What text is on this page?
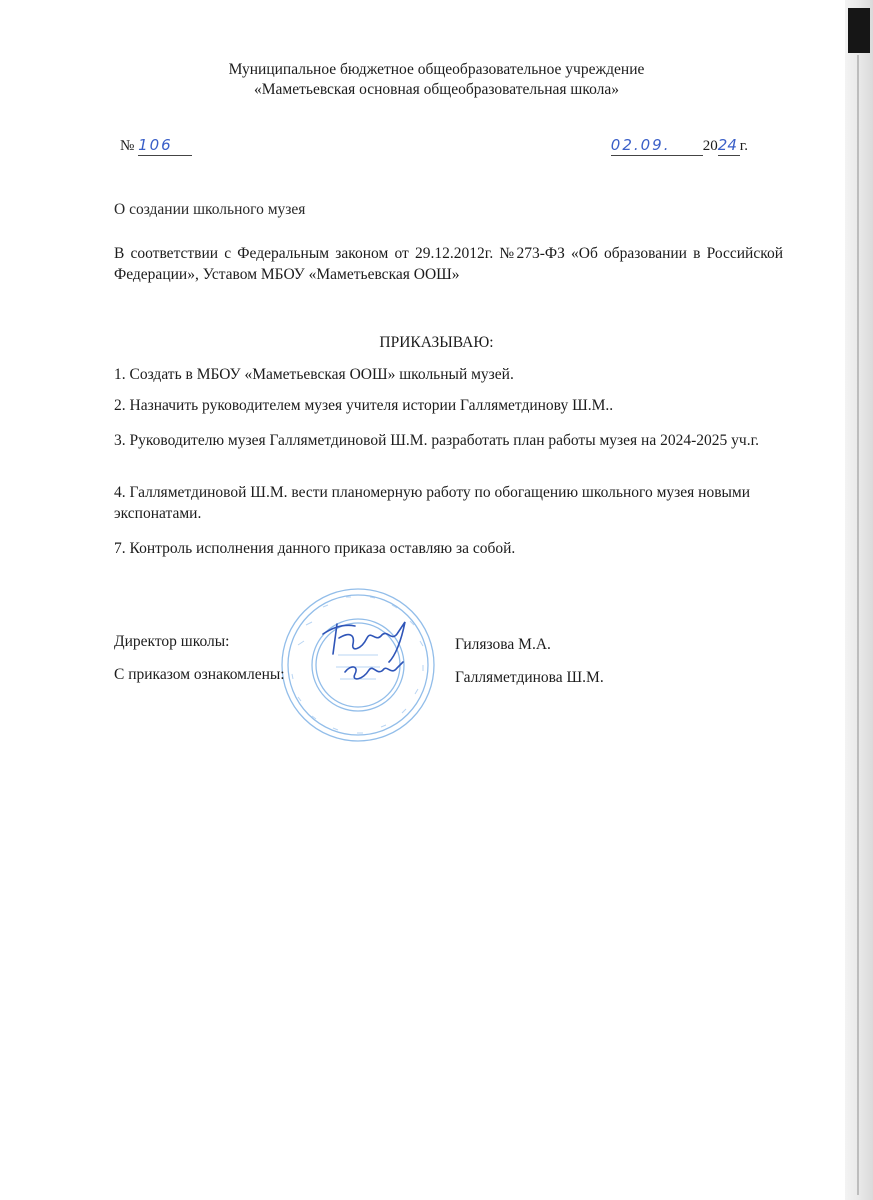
Муниципальное бюджетное общеобразовательное учреждение
«Маметьевская основная общеобразовательная школа»
№ 106	02.09. 2024 г.
О создании школьного музея
В соответствии с Федеральным законом от 29.12.2012г. №273-ФЗ «Об образовании в Российской Федерации», Уставом МБОУ «Маметьевская ООШ»
ПРИКАЗЫВАЮ:
1. Создать в МБОУ «Маметьевская ООШ» школьный музей.
2. Назначить руководителем музея учителя истории Галляметдинову Ш.М..
3. Руководителю музея Галляметдиновой Ш.М. разработать план работы музея на 2024-2025 уч.г.
4. Галляметдиновой Ш.М. вести планомерную работу по обогащению школьного музея новыми экспонатами.
7. Контроль исполнения данного приказа оставляю за собой.
Директор школы:	Гилязова М.А.
С приказом ознакомлены:	Галляметдинова Ш.М.
